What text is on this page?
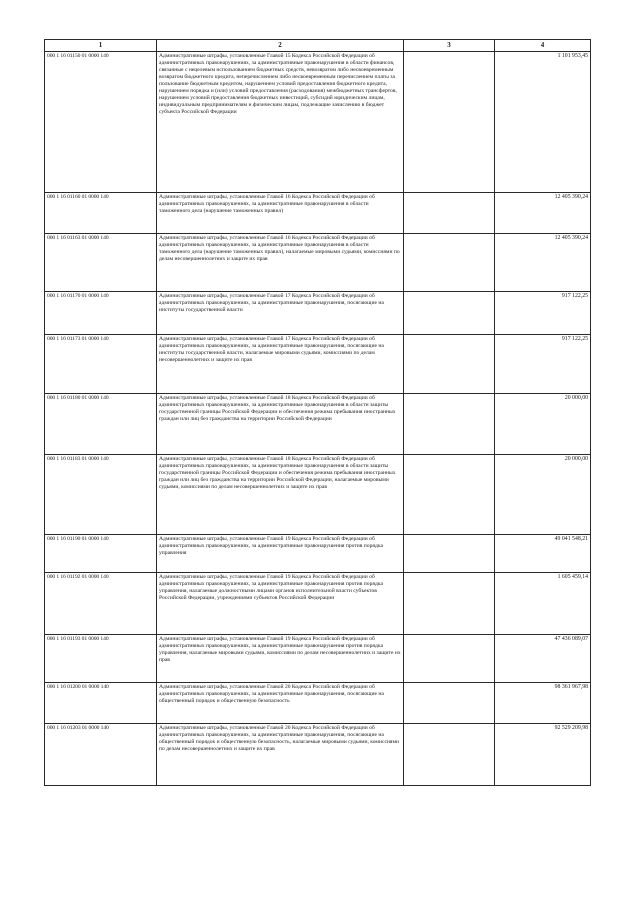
1	2	3	4
000 1 16 01150 01 0000 140	Административные штрафы, установленные Главой 15 Кодекса Российской Федерации об административных правонарушениях, за административные правонарушения в области финансов, связанные с нецелевым использованием бюджетных средств, невозвратом либо несвоевременным возвратом бюджетного кредита, неперечислением либо несвоевременным перечислением платы за пользование бюджетным кредитом, нарушением условий предоставления бюджетного кредита, нарушением порядка и (или) условий предоставления (расходования) межбюджетных трансфертов, нарушением условий предоставления бюджетных инвестиций, субсидий юридическим лицам, индивидуальным предпринимателям и физическим лицам, подлежащие зачислению в бюджет субъекта Российской Федерации		1 101 953,45
000 1 16 01160 01 0000 140	Административные штрафы, установленные Главой 16 Кодекса Российской Федерации об административных правонарушениях, за административные правонарушения в области таможенного дела (нарушение таможенных правил)		12 405 390,24
000 1 16 01163 01 0000 140	Административные штрафы, установленные Главой 16 Кодекса Российской Федерации об административных правонарушениях, за административные правонарушения в области таможенного дела (нарушение таможенных правил), налагаемые мировыми судьями, комиссиями по делам несовершеннолетних и защите их прав		12 405 390,24
000 1 16 01170 01 0000 140	Административные штрафы, установленные Главой 17 Кодекса Российской Федерации об административных правонарушениях, за административные правонарушения, посягающие на институты государственной власти		917 122,25
000 1 16 01173 01 0000 140	Административные штрафы, установленные Главой 17 Кодекса Российской Федерации об административных правонарушениях, за административные правонарушения, посягающие на институты государственной власти, налагаемые мировыми судьями, комиссиями по делам несовершеннолетних и защите их прав		917 122,25
000 1 16 01180 01 0000 140	Административные штрафы, установленные Главой 18 Кодекса Российской Федерации об административных правонарушениях, за административные правонарушения в области защиты государственной границы Российской Федерации и обеспечения режима пребывания иностранных граждан или лиц без гражданства на территории Российской Федерации		20 000,00
000 1 16 01183 01 0000 140	Административные штрафы, установленные Главой 18 Кодекса Российской Федерации об административных правонарушениях, за административные правонарушения в области защиты государственной границы Российской Федерации и обеспечения режима пребывания иностранных граждан или лиц без гражданства на территории Российской Федерации, налагаемые мировыми судьями, комиссиями по делам несовершеннолетних и защите их прав		20 000,00
000 1 16 01190 01 0000 140	Административные штрафы, установленные Главой 19 Кодекса Российской Федерации об административных правонарушениях, за административные правонарушения против порядка управления		49 041 548,21
000 1 16 01192 01 0000 140	Административные штрафы, установленные Главой 19 Кодекса Российской Федерации об административных правонарушениях, за административные правонарушения против порядка управления, налагаемые должностными лицами органов исполнительной власти субъектов Российской Федерации, учреждениями субъектов Российской Федерации		1 605 459,14
000 1 16 01193 01 0000 140	Административные штрафы, установленные Главой 19 Кодекса Российской Федерации об административных правонарушениях, за административные правонарушения против порядка управления, налагаемые мировыми судьями, комиссиями по делам несовершеннолетних и защите их прав		47 436 089,07
000 1 16 01200 01 0000 140	Административные штрафы, установленные Главой 20 Кодекса Российской Федерации об административных правонарушениях, за административные правонарушения, посягающие на общественный порядок и общественную безопасность		98 361 967,98
000 1 16 01203 01 0000 140	Административные штрафы, установленные Главой 20 Кодекса Российской Федерации об административных правонарушениях, за административные правонарушения, посягающие на общественный порядок и общественную безопасность, налагаемые мировыми судьями, комиссиями по делам несовершеннолетних и защите их прав		92 529 209,98
